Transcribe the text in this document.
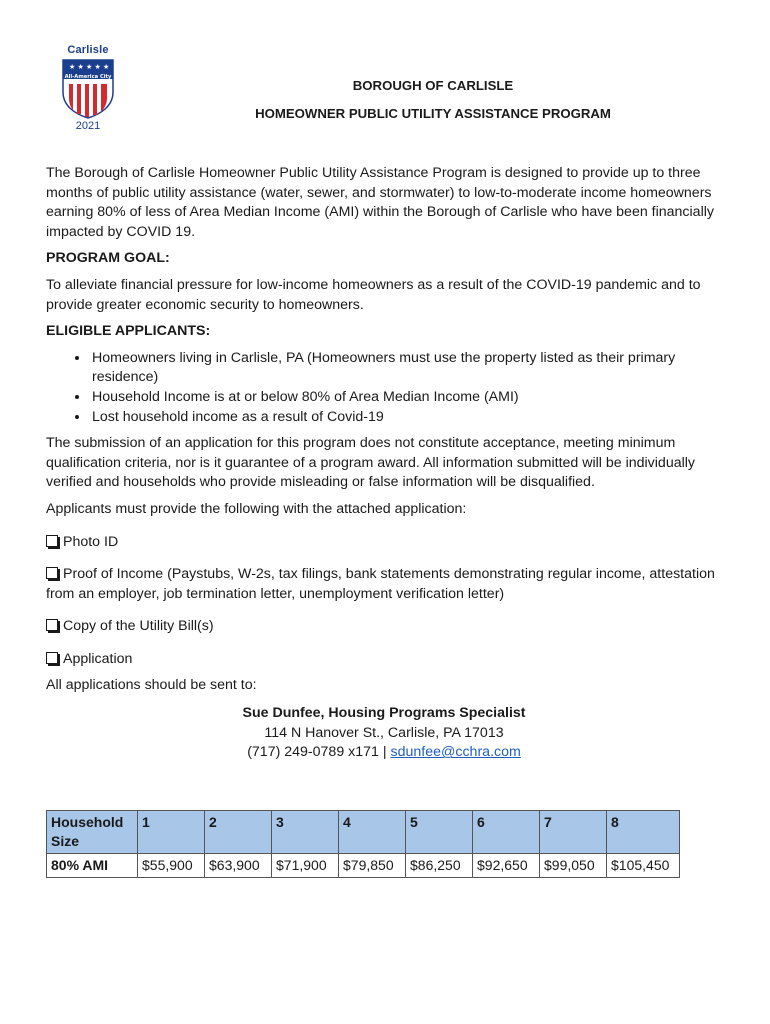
Carlisle
★ ★ ★ ★ ★
All-America City
2021
BOROUGH OF CARLISLE
HOMEOWNER PUBLIC UTILITY ASSISTANCE PROGRAM

The Borough of Carlisle Homeowner Public Utility Assistance Program is designed to provide up to three months of public utility assistance (water, sewer, and stormwater) to low-to-moderate income homeowners earning 80% of less of Area Median Income (AMI) within the Borough of Carlisle who have been financially impacted by COVID 19.

PROGRAM GOAL:

To alleviate financial pressure for low-income homeowners as a result of the COVID-19 pandemic and to provide greater economic security to homeowners.

ELIGIBLE APPLICANTS:

• Homeowners living in Carlisle, PA (Homeowners must use the property listed as their primary residence)
• Household Income is at or below 80% of Area Median Income (AMI)
• Lost household income as a result of Covid-19

The submission of an application for this program does not constitute acceptance, meeting minimum qualification criteria, nor is it guarantee of a program award. All information submitted will be individually verified and households who provide misleading or false information will be disqualified.

Applicants must provide the following with the attached application:

Photo ID

Proof of Income (Paystubs, W-2s, tax filings, bank statements demonstrating regular income, attestation from an employer, job termination letter, unemployment verification letter)

Copy of the Utility Bill(s)

Application

All applications should be sent to:

Sue Dunfee, Housing Programs Specialist
114 N Hanover St., Carlisle, PA 17013
(717) 249-0789 x171 | sdunfee@cchra.com
Household Size	1	2	3	4	5	6	7	8
80% AMI	$55,900	$63,900	$71,900	$79,850	$86,250	$92,650	$99,050	$105,450
